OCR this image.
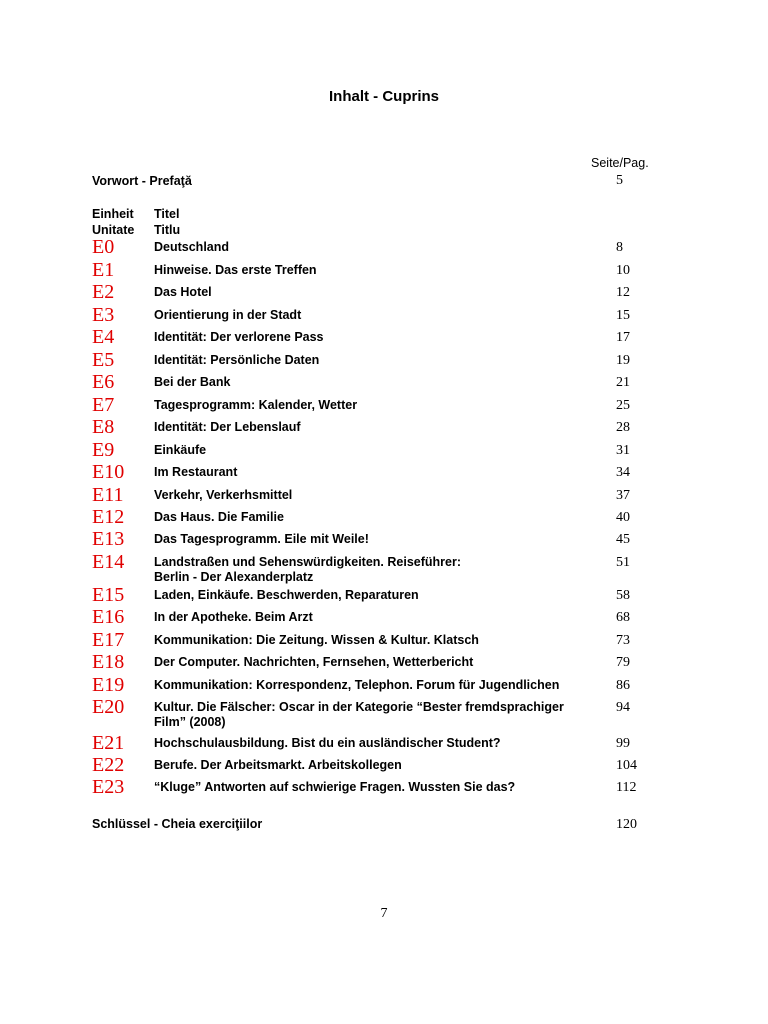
Inhalt - Cuprins
Seite/Pag.
Vorwort - Prefaţă	5
Einheit
Unitate
Titel
Titlu
E0	Deutschland	8
E1	Hinweise. Das erste Treffen	10
E2	Das Hotel	12
E3	Orientierung in der Stadt	15
E4	Identität: Der verlorene Pass	17
E5	Identität: Persönliche Daten	19
E6	Bei der Bank	21
E7	Tagesprogramm: Kalender, Wetter	25
E8	Identität: Der Lebenslauf	28
E9	Einkäufe	31
E10 Im Restaurant	34
E11 Verkehr, Verkerhsmittel	37
E12 Das Haus. Die Familie	40
E13 Das Tagesprogramm. Eile mit Weile!	45
E14 Landstraßen und Sehenswürdigkeiten. Reiseführer:
Berlin - Der Alexanderplatz
51
E15 Laden, Einkäufe. Beschwerden, Reparaturen	58
E16 In der Apotheke. Beim Arzt	68
E17 Kommunikation: Die Zeitung. Wissen & Kultur. Klatsch	73
E18 Der Computer. Nachrichten, Fernsehen, Wetterbericht	79
E19 Kommunikation: Korrespondenz, Telephon. Forum für Jugendlichen	86
E20 Kultur. Die Fälscher: Oscar in der Kategorie “Bester fremdsprachiger
Film” (2008)
94
E21 Hochschulausbildung. Bist du ein ausländischer Student?	99
E22 Berufe. Der Arbeitsmarkt. Arbeitskollegen	104
E23 “Kluge” Antworten auf schwierige Fragen. Wussten Sie das?	112
Schlüssel - Cheia exerciţiilor	120
7
